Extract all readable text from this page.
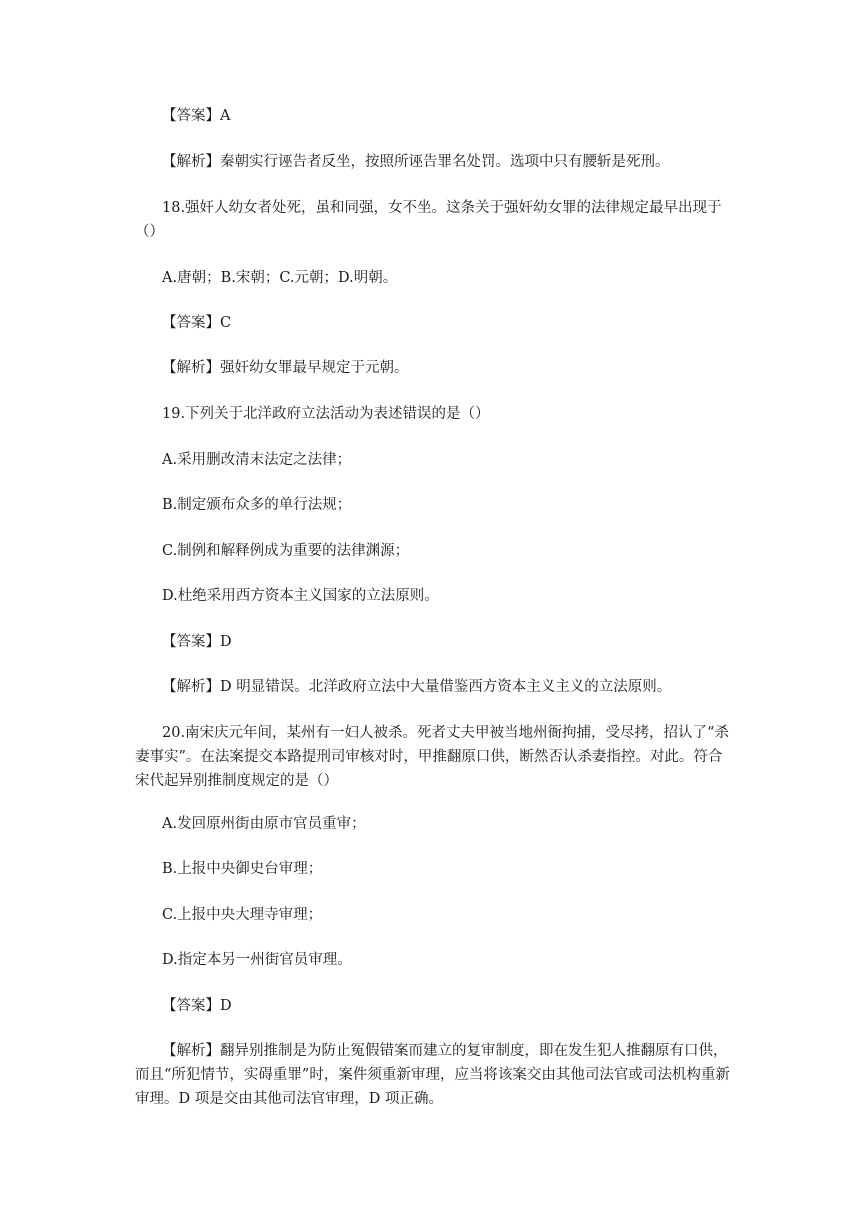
【答案】A

【解析】秦朝实行诬告者反坐，按照所诬告罪名处罚。选项中只有腰斩是死刑。

18.强奸人幼女者处死，虽和同强，女不坐。这条关于强奸幼女罪的法律规定最早出现于（）

A.唐朝；B.宋朝；C.元朝；D.明朝。

【答案】C

【解析】强奸幼女罪最早规定于元朝。

19.下列关于北洋政府立法活动为表述错误的是（）

A.采用删改清末法定之法律；

B.制定颁布众多的单行法规；

C.制例和解释例成为重要的法律渊源；

D.杜绝采用西方资本主义国家的立法原则。

【答案】D

【解析】D 明显错误。北洋政府立法中大量借鉴西方资本主义主义的立法原则。

20.南宋庆元年间，某州有一妇人被杀。死者丈夫甲被当地州衙拘捕，受尽拷，招认了“杀妻事实”。在法案提交本路提刑司审核对时，甲推翻原口供，断然否认杀妻指控。对此。符合宋代起异别推制度规定的是（）

A.发回原州街由原市官员重审；

B.上报中央御史台审理；

C.上报中央大理寺审理；

D.指定本另一州街官员审理。

【答案】D

【解析】翻异别推制是为防止冤假错案而建立的复审制度，即在发生犯人推翻原有口供，而且“所犯情节，实碍重罪”时，案件须重新审理，应当将该案交由其他司法官或司法机构重新审理。D 项是交由其他司法官审理，D 项正确。
